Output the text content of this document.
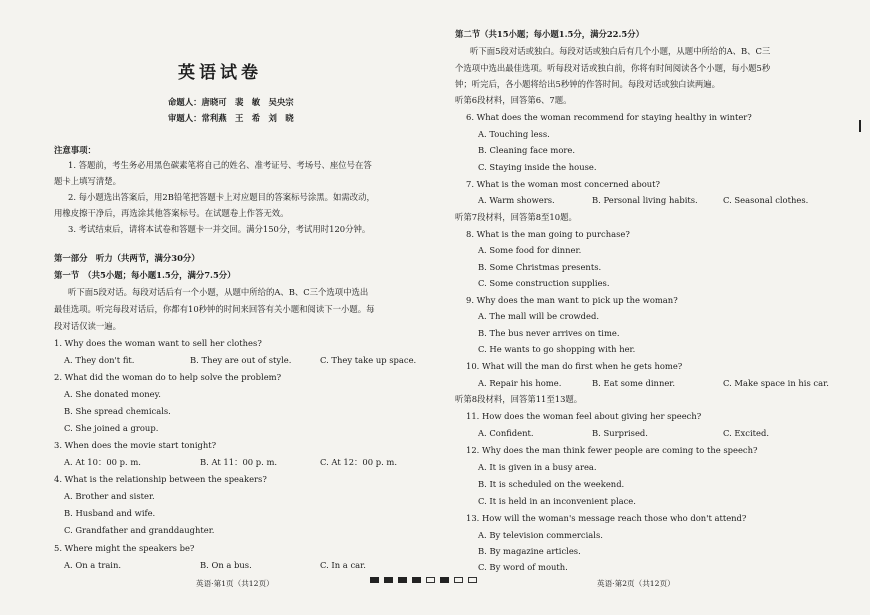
英语试卷
命题人：唐晓可　裴　敏　吴央宗
审题人：常利燕　王　希　刘　晓
注意事项：
1. 答题前，考生务必用黑色碳素笔将自己的姓名、准考证号、考场号、座位号在答
题卡上填写清楚。
2. 每小题选出答案后，用2B铅笔把答题卡上对应题目的答案标号涂黑。如需改动，
用橡皮擦干净后，再选涂其他答案标号。在试题卷上作答无效。
3. 考试结束后，请将本试卷和答题卡一并交回。满分150分，考试用时120分钟。
第一部分　听力（共两节，满分30分）
第一节　（共5小题；每小题1.5分，满分7.5分）
听下面5段对话。每段对话后有一个小题，从题中所给的A、B、C三个选项中选出
最佳选项。听完每段对话后，你都有10秒钟的时间来回答有关小题和阅读下一小题。每
段对话仅读一遍。
1. Why does the woman want to sell her clothes?
A. They don't fit.	B. They are out of style.	C. They take up space.
2. What did the woman do to help solve the problem?
A. She donated money.
B. She spread chemicals.
C. She joined a group.
3. When does the movie start tonight?
A. At 10：00 p. m.	B. At 11：00 p. m.	C. At 12：00 p. m.
4. What is the relationship between the speakers?
A. Brother and sister.
B. Husband and wife.
C. Grandfather and granddaughter.
5. Where might the speakers be?
A. On a train.	B. On a bus.	C. In a car.
英语·第1页（共12页）
第二节（共15小题；每小题1.5分，满分22.5分）
听下面5段对话或独白。每段对话或独白后有几个小题，从题中所给的A、B、C三
个选项中选出最佳选项。听每段对话或独白前，你将有时间阅读各个小题，每小题5秒
钟；听完后，各小题将给出5秒钟的作答时间。每段对话或独白读两遍。
听第6段材料，回答第6、7题。
6. What does the woman recommend for staying healthy in winter?
A. Touching less.
B. Cleaning face more.
C. Staying inside the house.
7. What is the woman most concerned about?
A. Warm showers.	B. Personal living habits.	C. Seasonal clothes.
听第7段材料，回答第8至10题。
8. What is the man going to purchase?
A. Some food for dinner.
B. Some Christmas presents.
C. Some construction supplies.
9. Why does the man want to pick up the woman?
A. The mall will be crowded.
B. The bus never arrives on time.
C. He wants to go shopping with her.
10. What will the man do first when he gets home?
A. Repair his home.	B. Eat some dinner.	C. Make space in his car.
听第8段材料，回答第11至13题。
11. How does the woman feel about giving her speech?
A. Confident.	B. Surprised.	C. Excited.
12. Why does the man think fewer people are coming to the speech?
A. It is given in a busy area.
B. It is scheduled on the weekend.
C. It is held in an inconvenient place.
13. How will the woman's message reach those who don't attend?
A. By television commercials.
B. By magazine articles.
C. By word of mouth.
英语·第2页（共12页）
